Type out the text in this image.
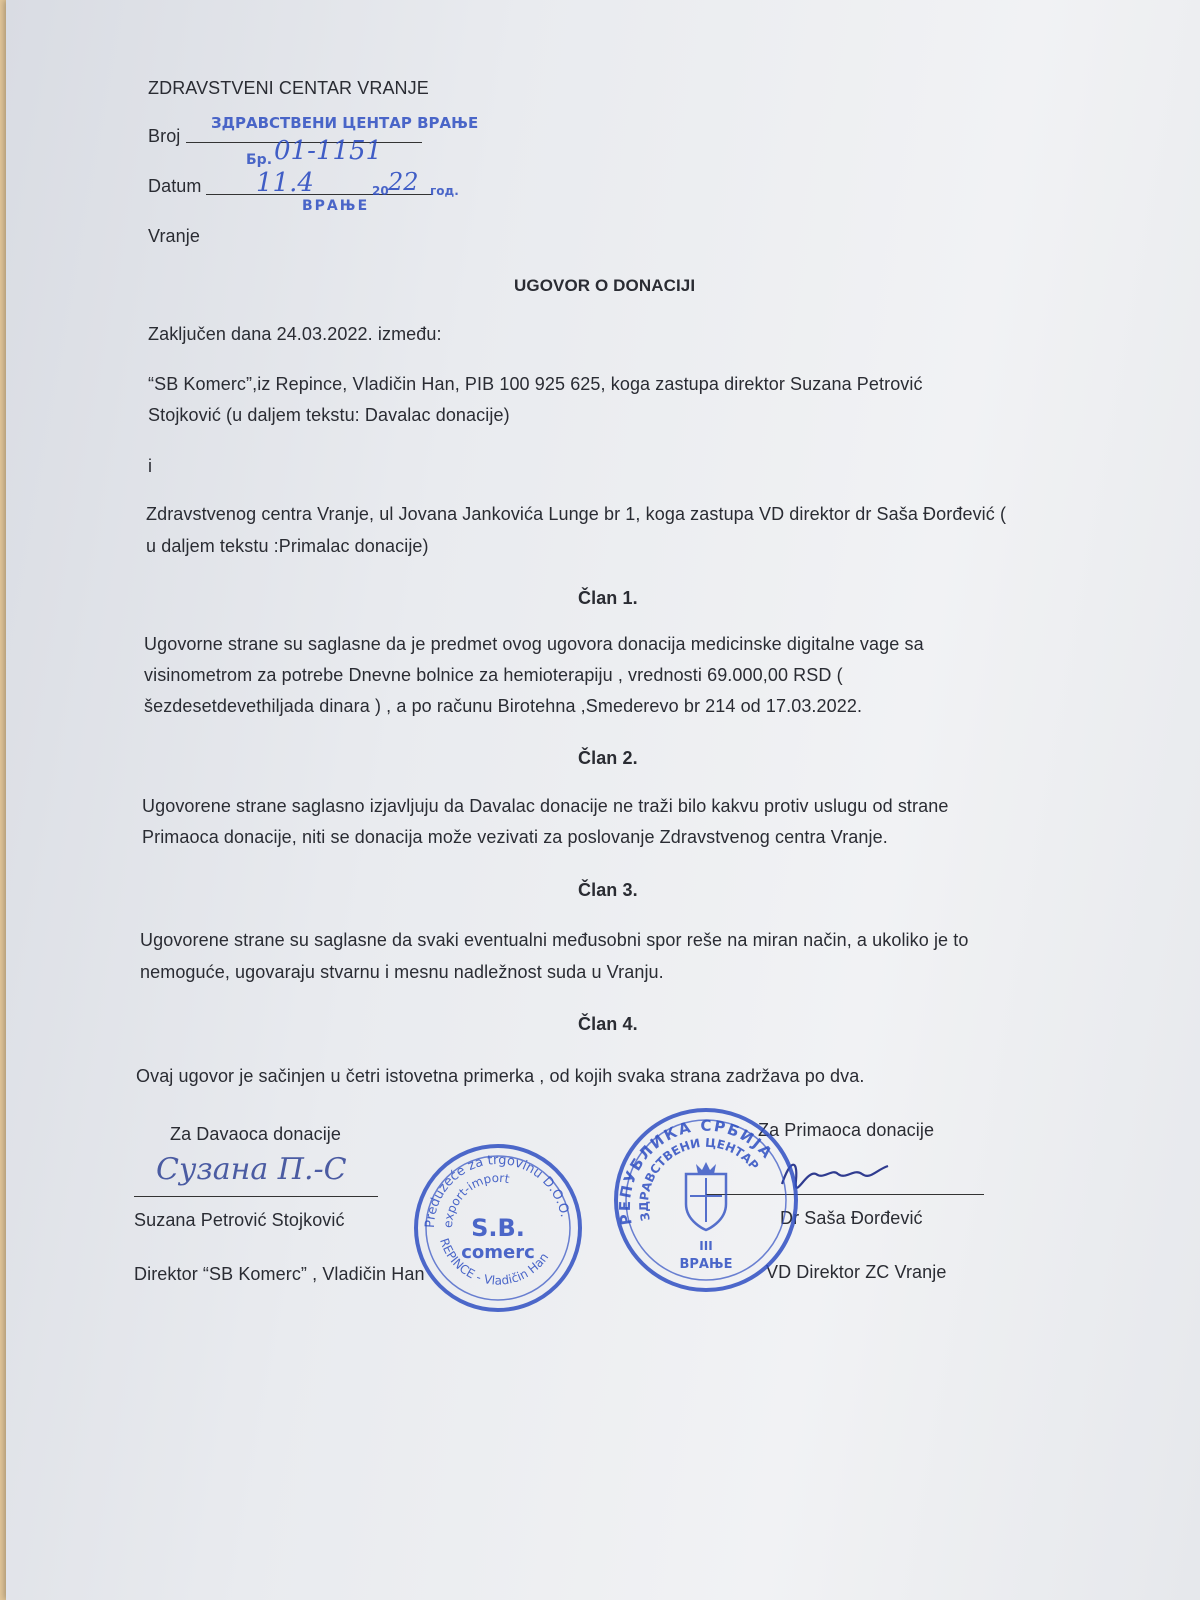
ZDRAVSTVENI CENTAR VRANJE
Broj
Datum
Vranje
ЗДРАВСТВЕНИ ЦЕНТАР ВРАЊЕ
Бр. 01-1151
11.4	20 22 год.
ВРАЊЕ
UGOVOR O DONACIJI
Zaključen dana 24.03.2022. između:
“SB Komerc”,iz Repince, Vladičin Han, PIB 100 925 625, koga zastupa direktor Suzana Petrović
Stojković (u daljem tekstu: Davalac donacije)
i
Zdravstvenog centra Vranje, ul Jovana Jankovića Lunge br 1, koga zastupa VD direktor dr Saša Đorđević (
u daljem tekstu :Primalac donacije)
Član 1.
Ugovorne strane su saglasne da je predmet ovog ugovora donacija medicinske digitalne vage sa
visinometrom za potrebe Dnevne bolnice za hemioterapiju , vrednosti 69.000,00 RSD (
šezdesetdevethiljada dinara ) , a po računu Birotehna ,Smederevo br 214 od 17.03.2022.
Član 2.
Ugovorene strane saglasno izjavljuju da Davalac donacije ne traži bilo kakvu protiv uslugu od strane
Primaoca donacije, niti se donacija može vezivati za poslovanje Zdravstvenog centra Vranje.
Član 3.
Ugovorene strane su saglasne da svaki eventualni međusobni spor reše na miran način, a ukoliko je to
nemoguće, ugovaraju stvarnu i mesnu nadležnost suda u Vranju.
Član 4.
Ovaj ugovor je sačinjen u četri istovetna primerka , od kojih svaka strana zadržava po dva.
Za Davaoca donacije
Сузана П.-С
Suzana Petrović Stojković
Direktor “SB Komerc” , Vladičin Han
Za Primaoca donacije
Dr Saša Đorđević
VD Direktor ZC Vranje
Preduzeće za trgovinu D.O.O.
export-import
S.B.
comerc
REPINCE - Vladičin Han
РЕПУБЛИКА СРБИЈА
ЗДРАВСТВЕНИ ЦЕНТАР
III
ВРАЊЕ
